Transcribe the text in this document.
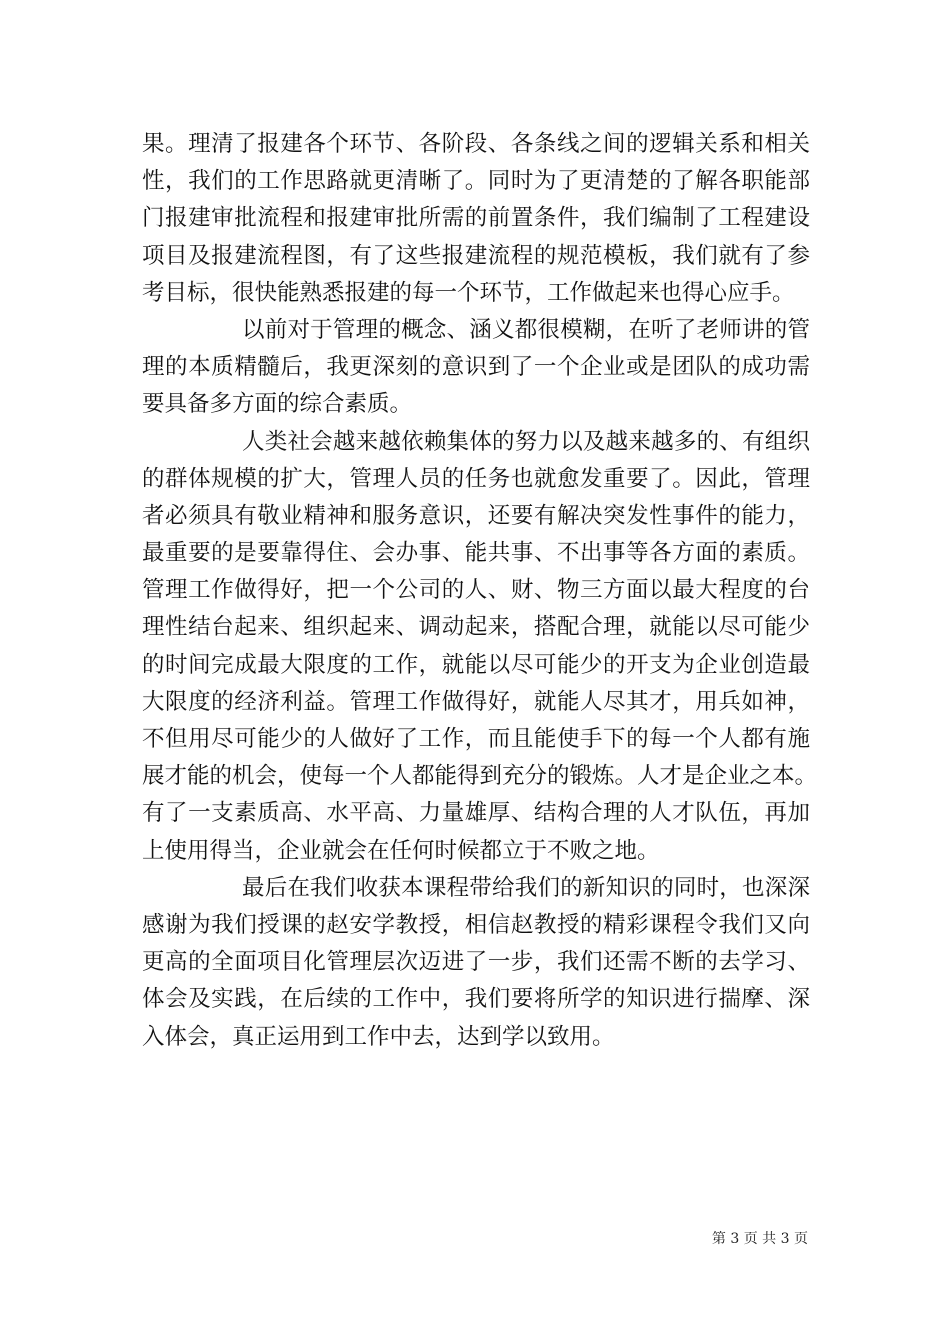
果。理清了报建各个环节、各阶段、各条线之间的逻辑关系和相关
性，我们的工作思路就更清晰了。同时为了更清楚的了解各职能部
门报建审批流程和报建审批所需的前置条件，我们编制了工程建设
项目及报建流程图，有了这些报建流程的规范模板，我们就有了参
考目标，很快能熟悉报建的每一个环节，工作做起来也得心应手。
以前对于管理的概念、涵义都很模糊，在听了老师讲的管
理的本质精髓后，我更深刻的意识到了一个企业或是团队的成功需
要具备多方面的综合素质。
人类社会越来越依赖集体的努力以及越来越多的、有组织
的群体规模的扩大，管理人员的任务也就愈发重要了。因此，管理
者必须具有敬业精神和服务意识，还要有解决突发性事件的能力，
最重要的是要靠得住、会办事、能共事、不出事等各方面的素质。
管理工作做得好，把一个公司的人、财、物三方面以最大程度的台
理性结台起来、组织起来、调动起来，搭配合理，就能以尽可能少
的时间完成最大限度的工作，就能以尽可能少的开支为企业创造最
大限度的经济利益。管理工作做得好，就能人尽其才，用兵如神，
不但用尽可能少的人做好了工作，而且能使手下的每一个人都有施
展才能的机会，使每一个人都能得到充分的锻炼。人才是企业之本。
有了一支素质高、水平高、力量雄厚、结构合理的人才队伍，再加
上使用得当，企业就会在任何时候都立于不败之地。
最后在我们收获本课程带给我们的新知识的同时，也深深
感谢为我们授课的赵安学教授，相信赵教授的精彩课程令我们又向
更高的全面项目化管理层次迈进了一步，我们还需不断的去学习、
体会及实践，在后续的工作中，我们要将所学的知识进行揣摩、深
入体会，真正运用到工作中去，达到学以致用。
第 3 页 共 3 页
